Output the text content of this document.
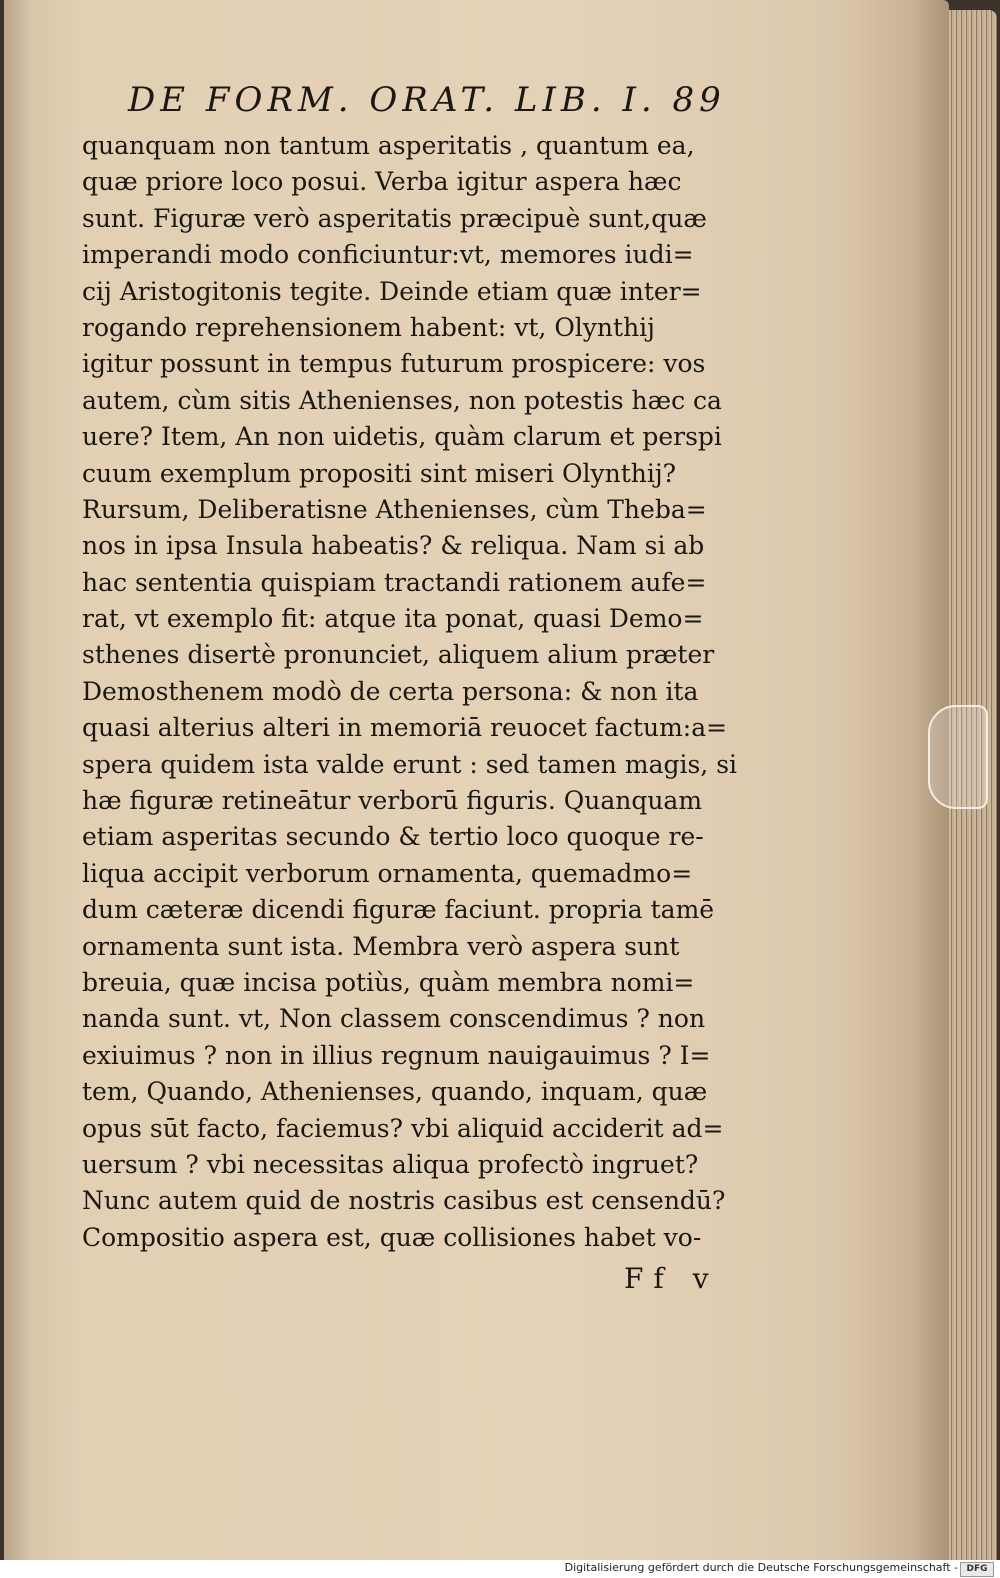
DE FORM. ORAT. LIB. I. 89
quanquam non tantum asperitatis , quantum ea,
quæ priore loco posui. Verba igitur aspera hæc
sunt. Figuræ verò asperitatis præcipuè sunt,quæ
imperandi modo conficiuntur:vt, memores iudi=
cij Aristogitonis tegite. Deinde etiam quæ inter=
rogando reprehensionem habent: vt, Olynthij
igitur possunt in tempus futurum prospicere: vos
autem, cùm sitis Athenienses, non potestis hæc ca
uere? Item, An non uidetis, quàm clarum et perspi
cuum exemplum propositi sint miseri Olynthij?
Rursum, Deliberatisne Athenienses, cùm Theba=
nos in ipsa Insula habeatis? & reliqua. Nam si ab
hac sententia quispiam tractandi rationem aufe=
rat, vt exemplo fit: atque ita ponat, quasi Demo=
sthenes disertè pronunciet, aliquem alium præter
Demosthenem modò de certa persona: & non ita
quasi alterius alteri in memoriā reuocet factum:a=
spera quidem ista valde erunt : sed tamen magis, si
hæ figuræ retineātur verborū figuris. Quanquam
etiam asperitas secundo & tertio loco quoque re-
liqua accipit verborum ornamenta, quemadmo=
dum cæteræ dicendi figuræ faciunt. propria tamē
ornamenta sunt ista. Membra verò aspera sunt
breuia, quæ incisa potiùs, quàm membra nomi=
nanda sunt. vt, Non classem conscendimus ? non
exiuimus ? non in illius regnum nauigauimus ? I=
tem, Quando, Athenienses, quando, inquam, quæ
opus sūt facto, faciemus? vbi aliquid acciderit ad=
uersum ? vbi necessitas aliqua profectò ingruet?
Nunc autem quid de nostris casibus est censendū?
Compositio aspera est, quæ collisiones habet vo-
Ff v
Digitalisierung gefördert durch die Deutsche Forschungsgemeinschaft - DFG
